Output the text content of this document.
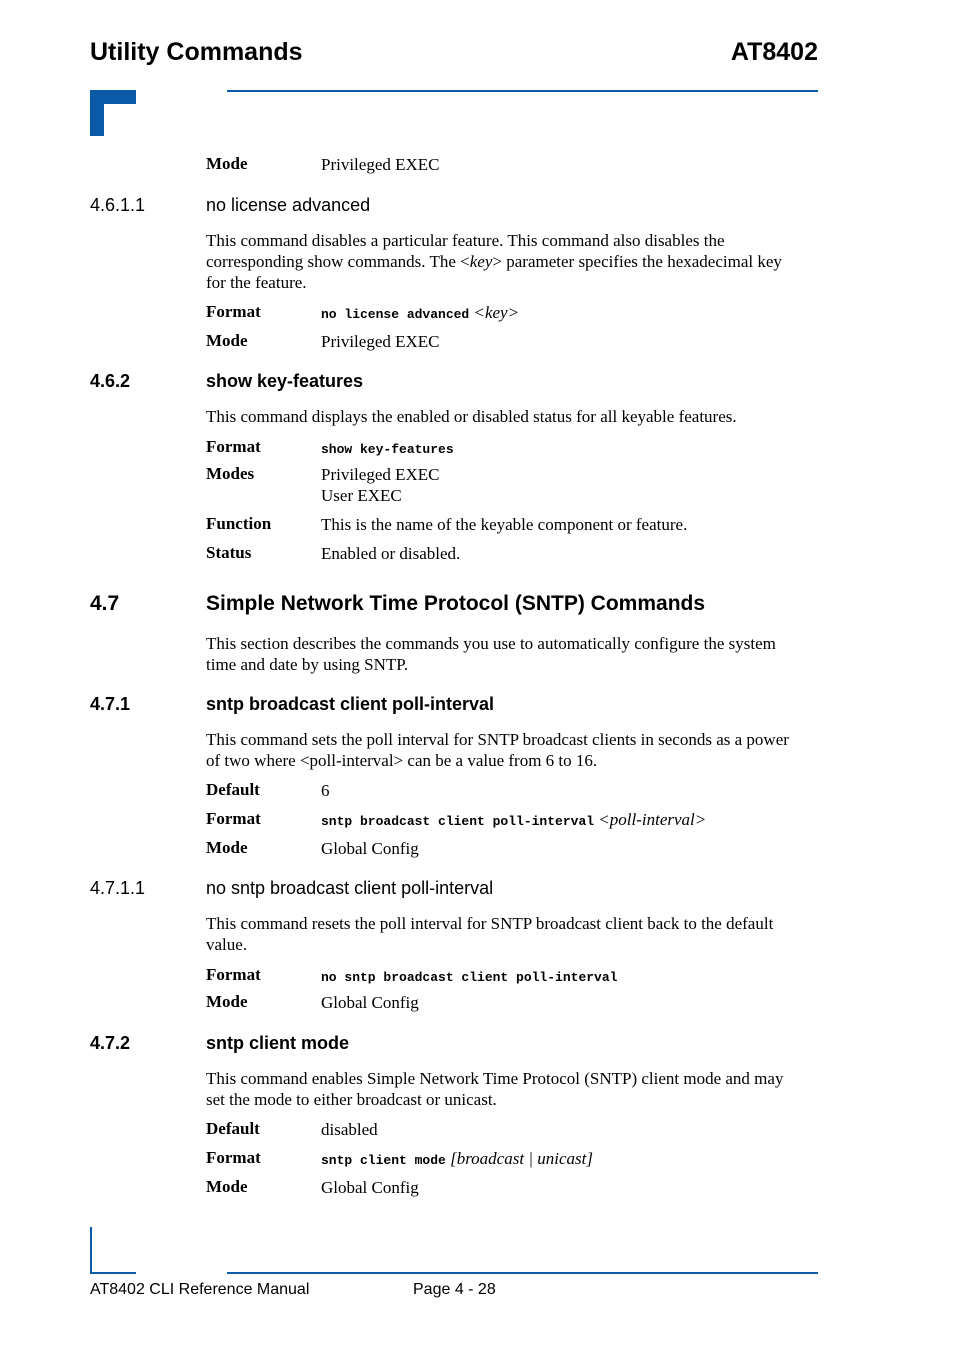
Utility Commands	AT8402
Mode	Privileged EXEC
4.6.1.1	no license advanced
This command disables a particular feature. This command also disables the
corresponding show commands. The <key> parameter specifies the hexadecimal key
for the feature.
Format	no license advanced <key>
Mode	Privileged EXEC
4.6.2	show key-features
This command displays the enabled or disabled status for all keyable features.
Format	show key-features
Modes	Privileged EXEC
User EXEC
Function	This is the name of the keyable component or feature.
Status	Enabled or disabled.
4.7	Simple Network Time Protocol (SNTP) Commands
This section describes the commands you use to automatically configure the system
time and date by using SNTP.
4.7.1	sntp broadcast client poll-interval
This command sets the poll interval for SNTP broadcast clients in seconds as a power
of two where <poll-interval> can be a value from 6 to 16.
Default	6
Format	sntp broadcast client poll-interval <poll-interval>
Mode	Global Config
4.7.1.1	no sntp broadcast client poll-interval
This command resets the poll interval for SNTP broadcast client back to the default
value.
Format	no sntp broadcast client poll-interval
Mode	Global Config
4.7.2	sntp client mode
This command enables Simple Network Time Protocol (SNTP) client mode and may
set the mode to either broadcast or unicast.
Default	disabled
Format	sntp client mode [broadcast | unicast]
Mode	Global Config
AT8402 CLI Reference Manual	Page 4 - 28
